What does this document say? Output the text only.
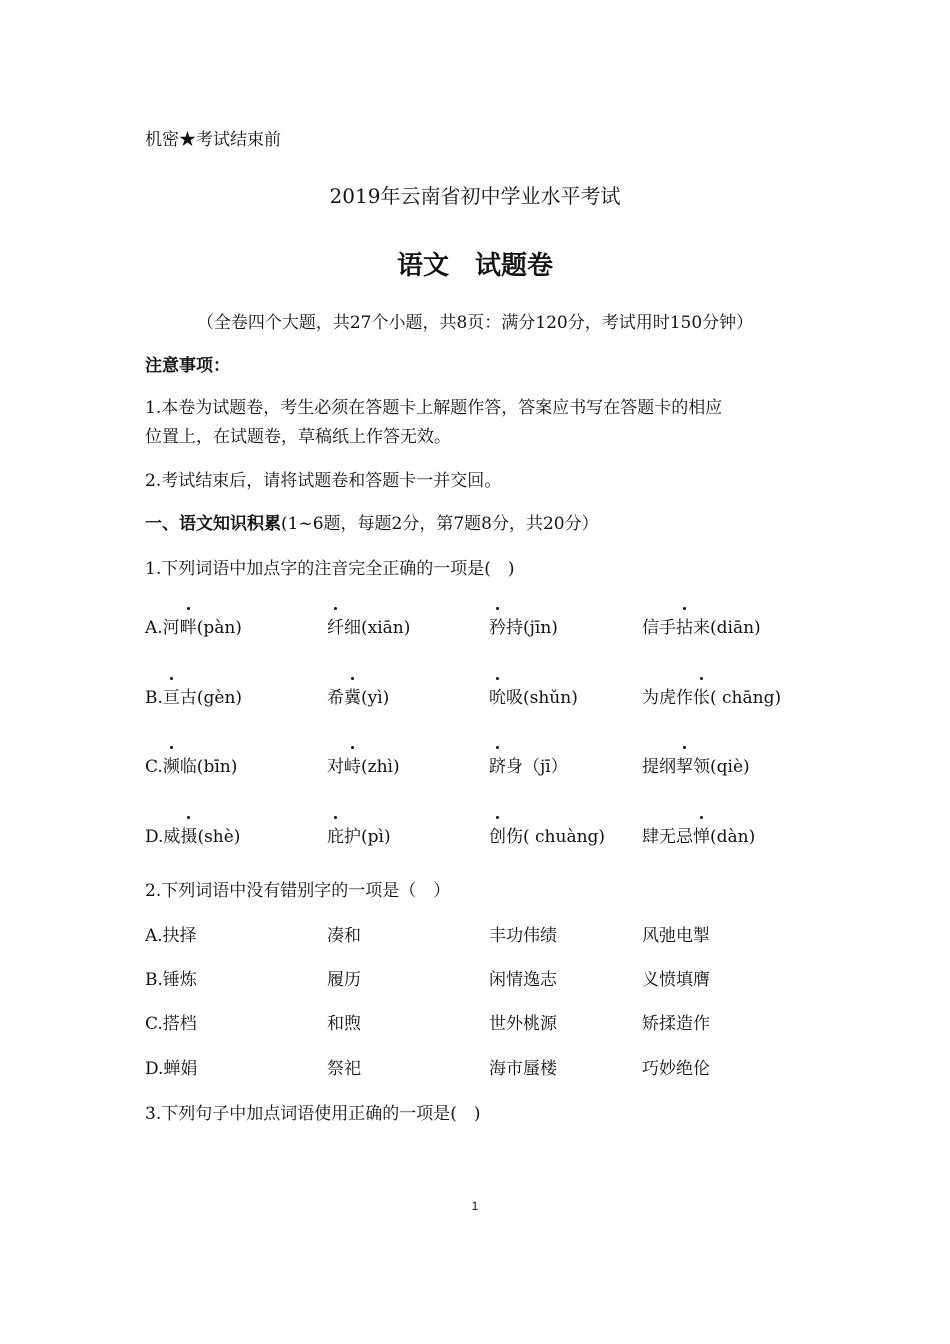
机密★考试结束前
2019年云南省初中学业水平考试
语文　试题卷
（全卷四个大题，共27个小题，共8页：满分120分，考试用时150分钟）
注意事项：
1.本卷为试题卷，考生必须在答题卡上解题作答，答案应书写在答题卡的相应
位置上，在试题卷，草稿纸上作答无效。
2.考试结束后，请将试题卷和答题卡一并交回。
一、语文知识积累(1~6题，每题2分，第7题8分，共20分）
1.下列词语中加点字的注音完全正确的一项是(　)
A.河畔(pàn)	纤细(xiān)	矜持(jīn)	信手拈来(diān)
B.亘古(gèn)	希冀(yì)	吮吸(shǔn)	为虎作伥( chāng)
C.濒临(bīn)	对峙(zhì)	跻身（jī）	提纲挈领(qiè)
D.威摄(shè)	庇护(pì)	创伤( chuàng) 肆无忌惮(dàn)
2.下列词语中没有错别字的一项是（　）
A.抉择	凑和	丰功伟绩	风弛电掣
B.锤炼	履历	闲情逸志	义愤填膺
C.搭档	和煦	世外桃源	矫揉造作
D.蝉娟	祭祀	海市蜃楼	巧妙绝伦
3.下列句子中加点词语使用正确的一项是(　)
1
